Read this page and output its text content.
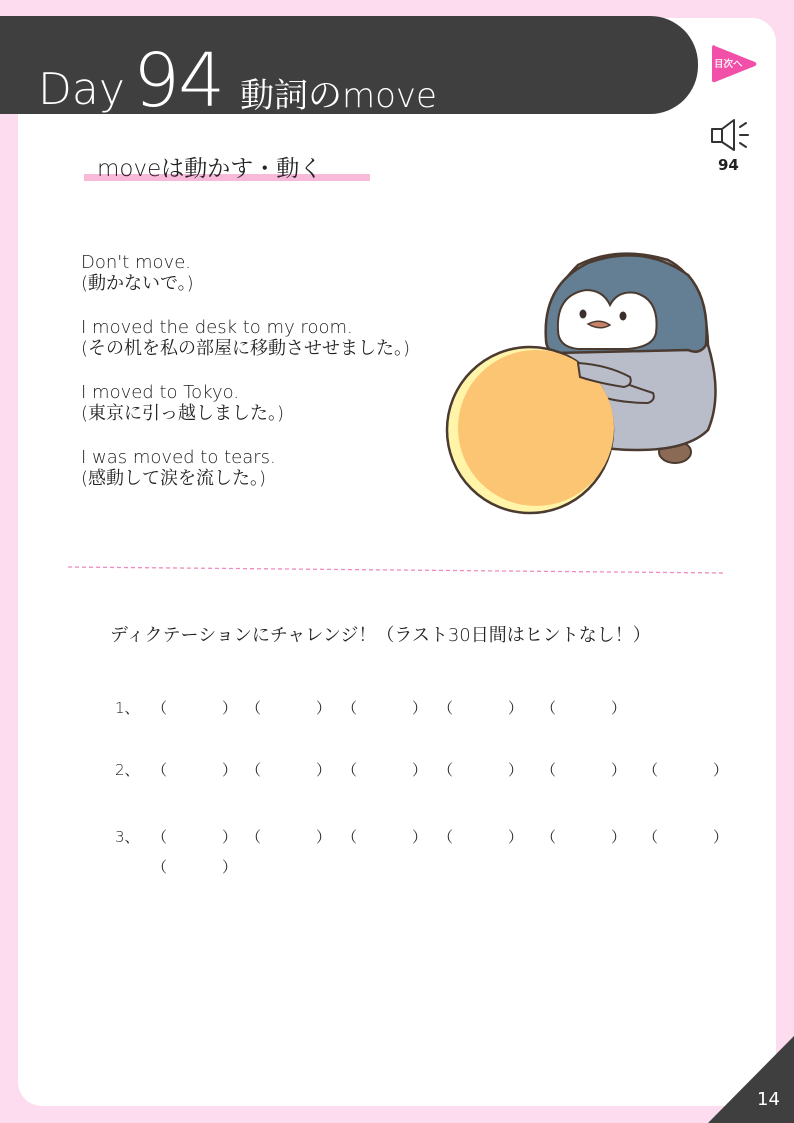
Day 94 動詞のmove
目次へ
94
moveは動かす・動く
Don't move.
(動かないで。)
I moved the desk to my room.
(その机を私の部屋に移動させせました。)
I moved to Tokyo.
(東京に引っ越しました。)
I was moved to tears.
(感動して涙を流した。)
ディクテーションにチャレンジ！（ラスト30日間はヒントなし！）
1、 （	） （	） （	） （	） （	）
2、 （	） （	） （	） （	） （	） （	）
3、 （	） （	） （	） （	） （	） （	）
（	）
14
